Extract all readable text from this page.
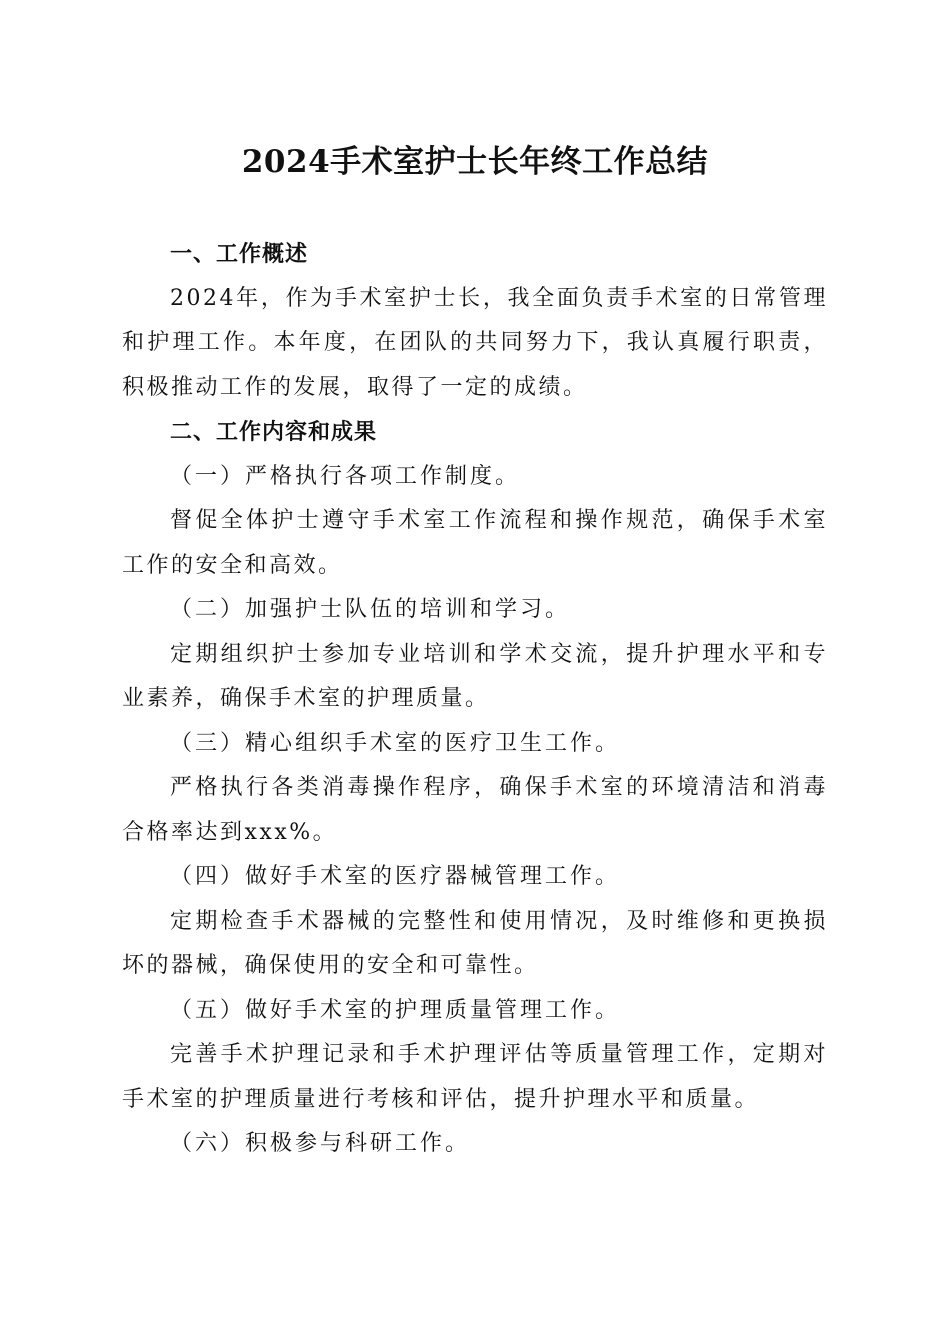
2024手术室护士长年终工作总结

一、工作概述

2024年，作为手术室护士长，我全面负责手术室的日常管理和护理工作。本年度，在团队的共同努力下，我认真履行职责，积极推动工作的发展，取得了一定的成绩。

二、工作内容和成果

（一）严格执行各项工作制度。

督促全体护士遵守手术室工作流程和操作规范，确保手术室工作的安全和高效。

（二）加强护士队伍的培训和学习。

定期组织护士参加专业培训和学术交流，提升护理水平和专业素养，确保手术室的护理质量。

（三）精心组织手术室的医疗卫生工作。

严格执行各类消毒操作程序，确保手术室的环境清洁和消毒合格率达到xxx%。

（四）做好手术室的医疗器械管理工作。

定期检查手术器械的完整性和使用情况，及时维修和更换损坏的器械，确保使用的安全和可靠性。

（五）做好手术室的护理质量管理工作。

完善手术护理记录和手术护理评估等质量管理工作，定期对手术室的护理质量进行考核和评估，提升护理水平和质量。

（六）积极参与科研工作。
